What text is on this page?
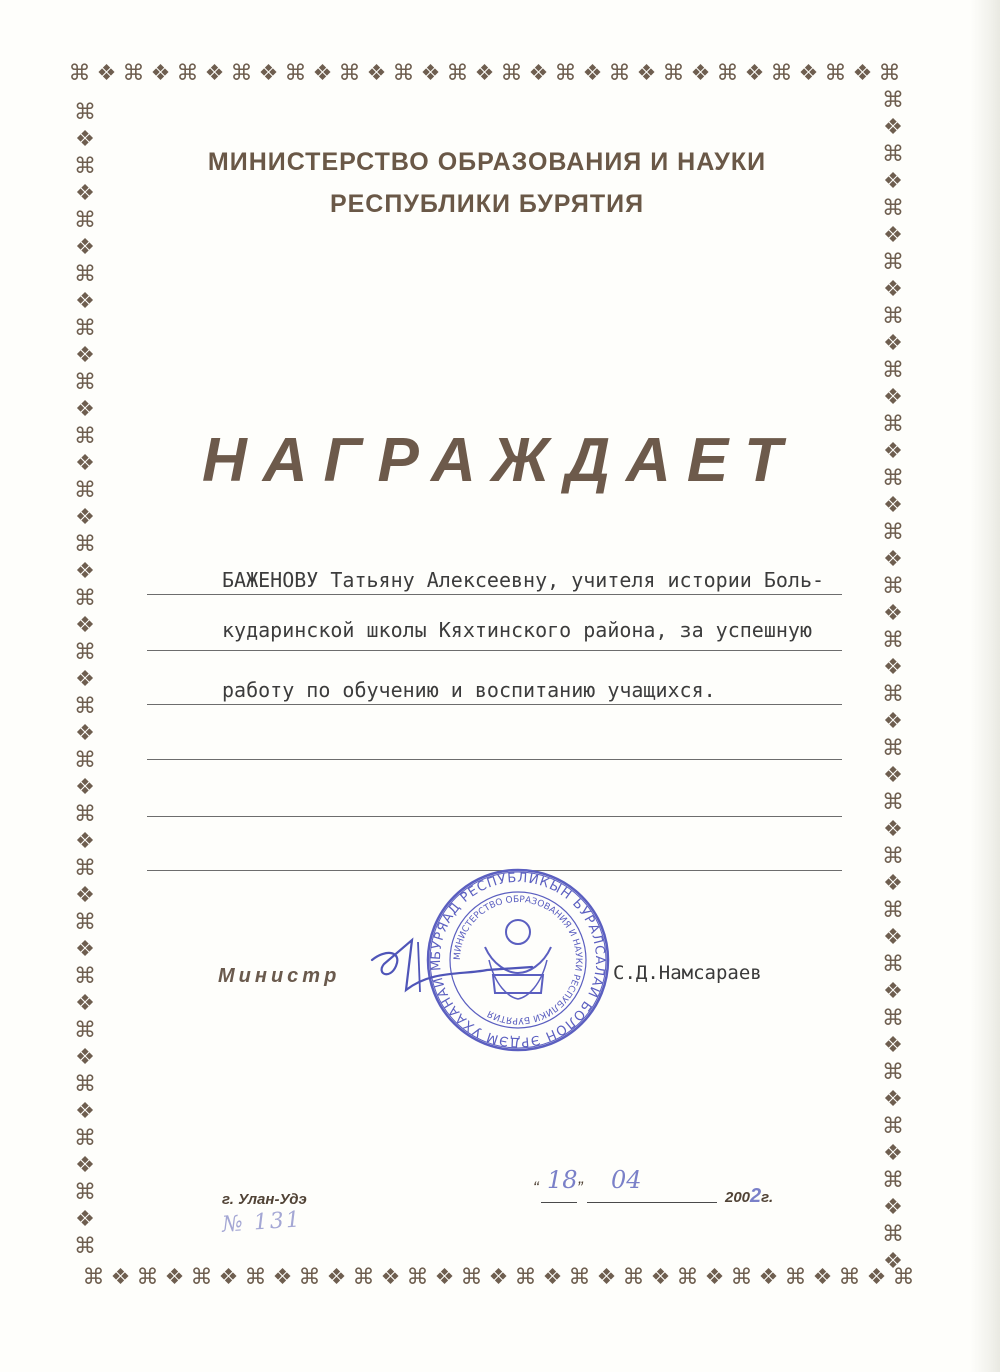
⌘ ❖ ⌘ ❖ ⌘ ❖ ⌘ ❖ ⌘ ❖ ⌘ ❖ ⌘ ❖ ⌘ ❖ ⌘ ❖ ⌘ ❖ ⌘ ❖ ⌘ ❖ ⌘ ❖ ⌘ ❖ ⌘ ❖ ⌘
⌘ ❖ ⌘ ❖ ⌘ ❖ ⌘ ❖ ⌘ ❖ ⌘ ❖ ⌘ ❖ ⌘ ❖ ⌘ ❖ ⌘ ❖ ⌘ ❖ ⌘ ❖ ⌘ ❖ ⌘ ❖ ⌘ ❖ ⌘
⌘
❖
⌘
❖
⌘
❖
⌘
❖
⌘
❖
⌘
❖
⌘
❖
⌘
❖
⌘
❖
⌘
❖
⌘
❖
⌘
❖
⌘
❖
⌘
❖
⌘
❖
⌘
❖
⌘
❖
⌘
❖
⌘
❖
⌘
❖
⌘
❖
⌘
⌘
❖
⌘
❖
⌘
❖
⌘
❖
⌘
❖
⌘
❖
⌘
❖
⌘
❖
⌘
❖
⌘
❖
⌘
❖
⌘
❖
⌘
❖
⌘
❖
⌘
❖
⌘
❖
⌘
❖
⌘
❖
⌘
❖
⌘
❖
⌘
❖
⌘
❖
МИНИСТЕРСТВО ОБРАЗОВАНИЯ И НАУКИ
РЕСПУБЛИКИ БУРЯТИЯ
НАГРАЖДАЕТ
БАЖЕНОВУ Татьяну Алексеевну, учителя истории Боль-
кударинской школы Кяхтинского района, за успешную
работу по обучению и воспитанию учащихся.
БУРЯАД РЕСПУБЛИКЫН ЬУРАЛСАЛАЙ БОЛОН ЭРДЭМ УХААНАЙ М
МИНИСТЕРСТВО ОБРАЗОВАНИЯ И НАУКИ РЕСПУБЛИКИ БУРЯТИЯ
Министр	С.Д.Намсараев
г. Улан-Удэ
№ 131
“ 18 ” 04
2002г.
